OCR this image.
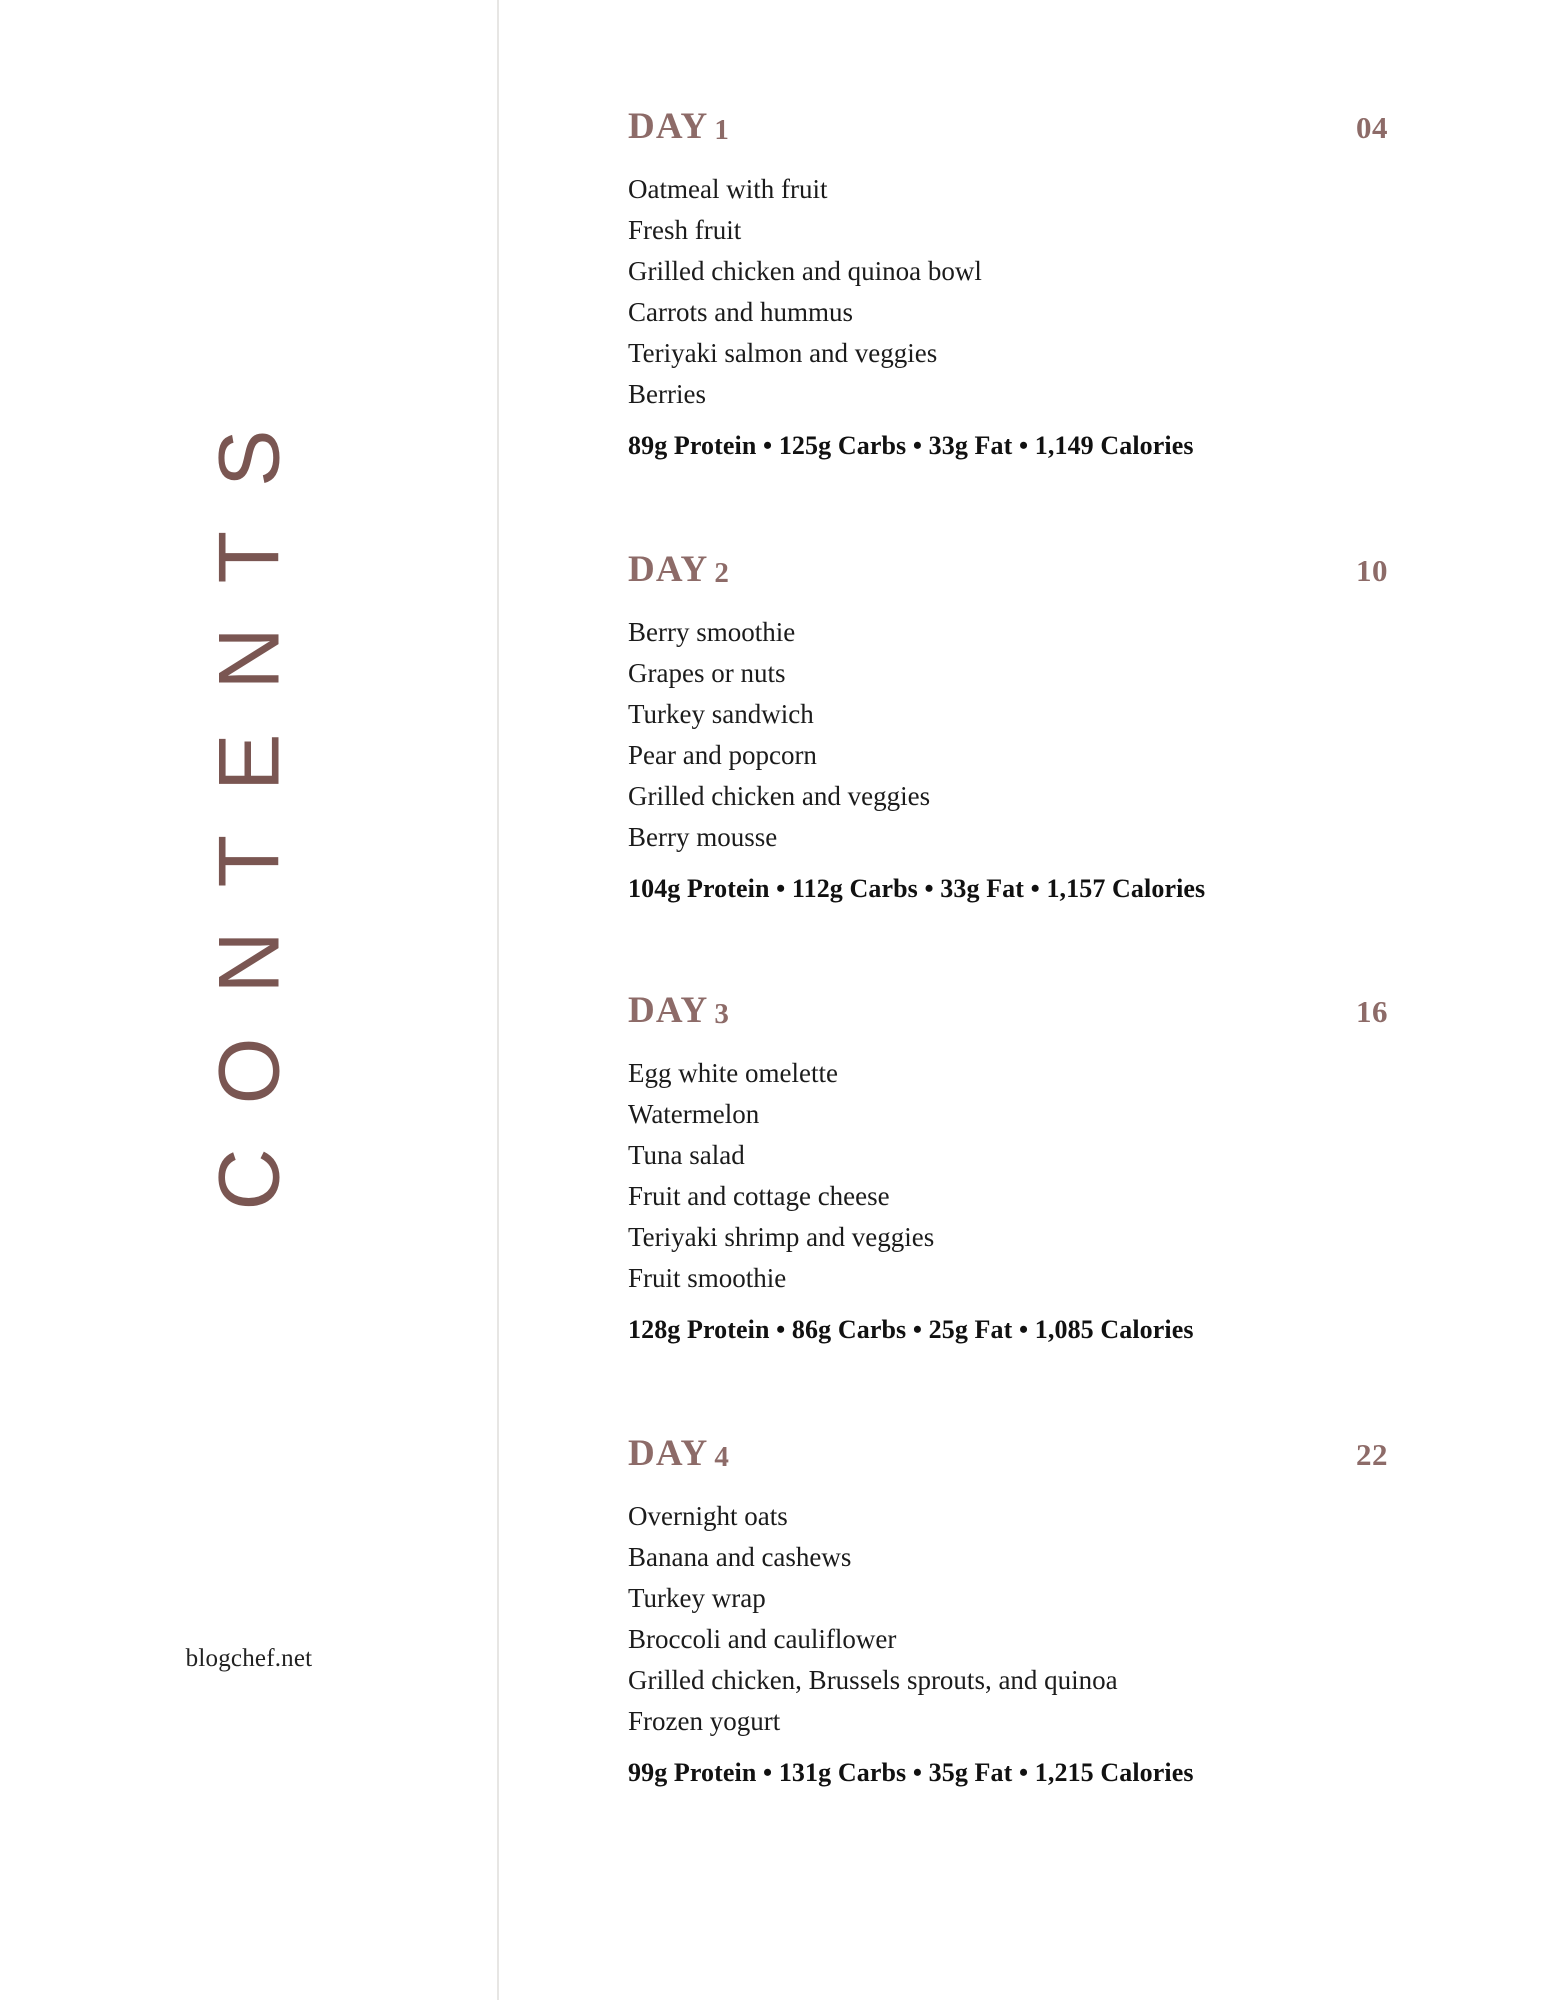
CONTENTS
blogchef.net
DAY 1	04
Oatmeal with fruit
Fresh fruit
Grilled chicken and quinoa bowl
Carrots and hummus
Teriyaki salmon and veggies
Berries
89g Protein • 125g Carbs • 33g Fat • 1,149 Calories
DAY 2	10
Berry smoothie
Grapes or nuts
Turkey sandwich
Pear and popcorn
Grilled chicken and veggies
Berry mousse
104g Protein • 112g Carbs • 33g Fat • 1,157 Calories
DAY 3	16
Egg white omelette
Watermelon
Tuna salad
Fruit and cottage cheese
Teriyaki shrimp and veggies
Fruit smoothie
128g Protein • 86g Carbs • 25g Fat • 1,085 Calories
DAY 4	22
Overnight oats
Banana and cashews
Turkey wrap
Broccoli and cauliflower
Grilled chicken, Brussels sprouts, and quinoa
Frozen yogurt
99g Protein • 131g Carbs • 35g Fat • 1,215 Calories
